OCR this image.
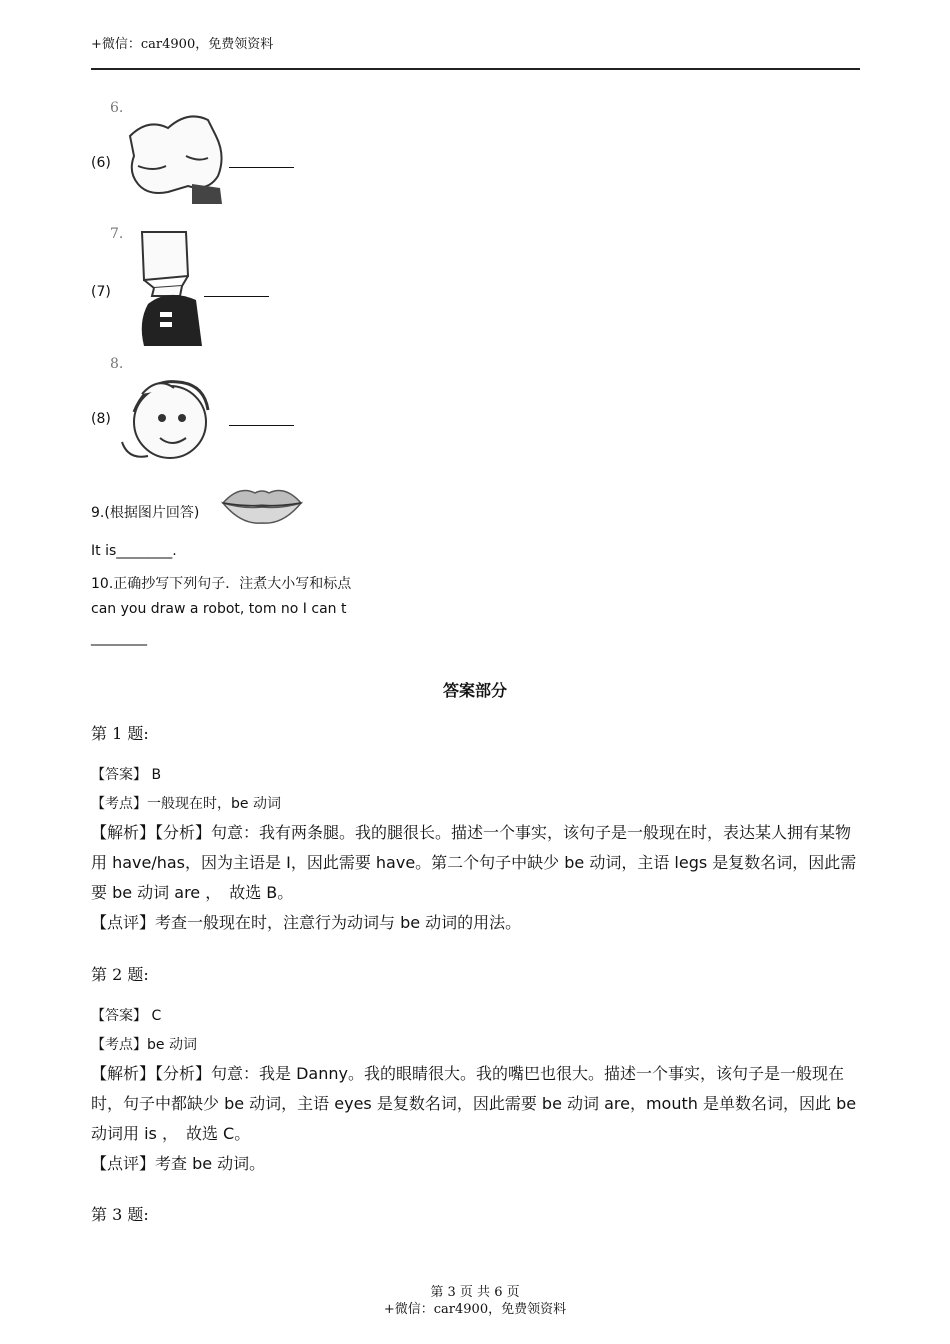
+微信：car4900，免费领资料
(6)
6.
(7)
7.
(8)
8.
9.(根据图片回答)
It is________.
10.正确抄写下列句子．注煮大小写和标点
can you draw a robot, tom no I can t
________
答案部分
第 1 题:
【答案】 B
【考点】一般现在时，be 动词
【解析】【分析】句意：我有两条腿。我的腿很长。描述一个事实，该句子是一般现在时，表达某人拥有某物用 have/has，因为主语是 I，因此需要 have。第二个句子中缺少 be 动词，主语 legs 是复数名词，因此需要 be 动词 are ，　故选 B。
【点评】考查一般现在时，注意行为动词与 be 动词的用法。
第 2 题:
【答案】 C
【考点】be 动词
【解析】【分析】句意：我是 Danny。我的眼睛很大。我的嘴巴也很大。描述一个事实，该句子是一般现在时，句子中都缺少 be 动词，主语 eyes 是复数名词，因此需要 be 动词 are，mouth 是单数名词，因此 be 动词用 is ，　故选 C。
【点评】考查 be 动词。
第 3 题:
第 3 页 共 6 页
+微信：car4900，免费领资料
